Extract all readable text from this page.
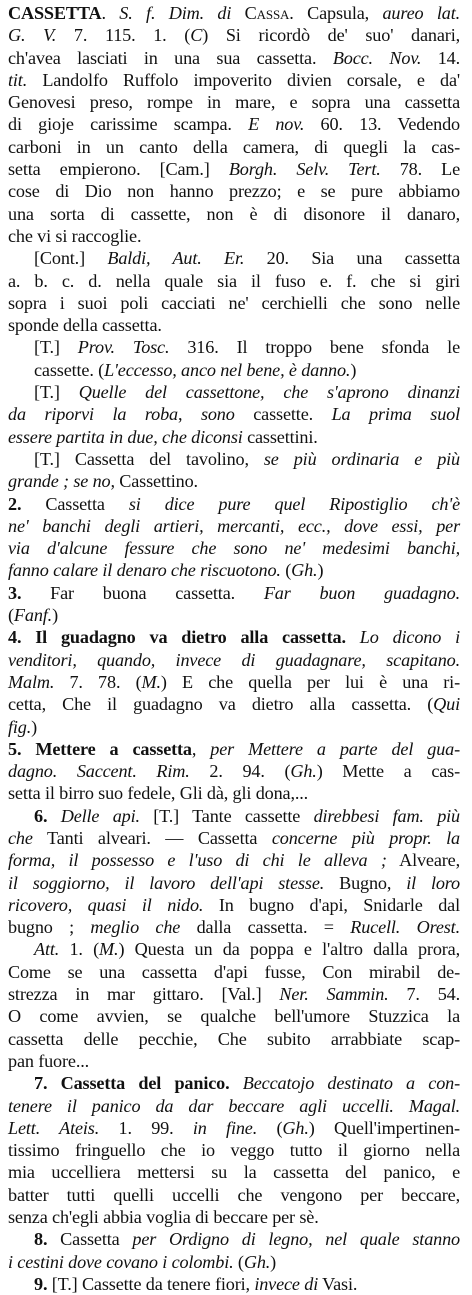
CASSETTA. S. f. Dim. di Cassa. Capsula, aureo lat.
G. V. 7. 115. 1. (C) Si ricordò de' suo' danari,
ch'avea lasciati in una sua cassetta. Bocc. Nov. 14.
tit. Landolfo Ruffolo impoverito divien corsale, e da'
Genovesi preso, rompe in mare, e sopra una cassetta
di gioje carissime scampa. E nov. 60. 13. Vedendo
carboni in un canto della camera, di quegli la cas-
setta empierono. [Cam.] Borgh. Selv. Tert. 78. Le
cose di Dio non hanno prezzo; e se pure abbiamo
una sorta di cassette, non è di disonore il danaro,
che vi si raccoglie.
[Cont.] Baldi, Aut. Er. 20. Sia una cassetta
a. b. c. d. nella quale sia il fuso e. f. che si giri
sopra i suoi poli cacciati ne' cerchielli che sono nelle
sponde della cassetta.
[T.] Prov. Tosc. 316. Il troppo bene sfonda le
cassette. (L'eccesso, anco nel bene, è danno.)
[T.] Quelle del cassettone, che s'aprono dinanzi
da riporvi la roba, sono cassette. La prima suol
essere partita in due, che diconsi cassettini.
[T.] Cassetta del tavolino, se più ordinaria e più
grande ; se no, Cassettino.
2. Cassetta si dice pure quel Ripostiglio ch'è
ne' banchi degli artieri, mercanti, ecc., dove essi, per
via d'alcune fessure che sono ne' medesimi banchi,
fanno calare il denaro che riscuotono. (Gh.)
3. Far buona cassetta. Far buon guadagno.
(Fanf.)
4. Il guadagno va dietro alla cassetta. Lo dicono i
venditori, quando, invece di guadagnare, scapitano.
Malm. 7. 78. (M.) E che quella per lui è una ri-
cetta, Che il guadagno va dietro alla cassetta. (Qui
fig.)
5. Mettere a cassetta, per Mettere a parte del gua-
dagno. Saccent. Rim. 2. 94. (Gh.) Mette a cas-
setta il birro suo fedele, Gli dà, gli dona,...
6. Delle api. [T.] Tante cassette direbbesi fam. più
che Tanti alveari. — Cassetta concerne più propr. la
forma, il possesso e l'uso di chi le alleva ; Alveare,
il soggiorno, il lavoro dell'api stesse. Bugno, il loro
ricovero, quasi il nido. In bugno d'api, Snidarle dal
bugno ; meglio che dalla cassetta. = Rucell. Orest.
Att. 1. (M.) Questa un da poppa e l'altro dalla prora,
Come se una cassetta d'api fusse, Con mirabil de-
strezza in mar gittaro. [Val.] Ner. Sammin. 7. 54.
O come avvien, se qualche bell'umore Stuzzica la
cassetta delle pecchie, Che subito arrabbiate scap-
pan fuore...
7. Cassetta del panico. Beccatojo destinato a con-
tenere il panico da dar beccare agli uccelli. Magal.
Lett. Ateis. 1. 99. in fine. (Gh.) Quell'impertinen-
tissimo fringuello che io veggo tutto il giorno nella
mia uccelliera mettersi su la cassetta del panico, e
batter tutti quelli uccelli che vengono per beccare,
senza ch'egli abbia voglia di beccare per sè.
8. Cassetta per Ordigno di legno, nel quale stanno
i cestini dove covano i colombi. (Gh.)
9. [T.] Cassette da tenere fiori, invece di Vasi.
